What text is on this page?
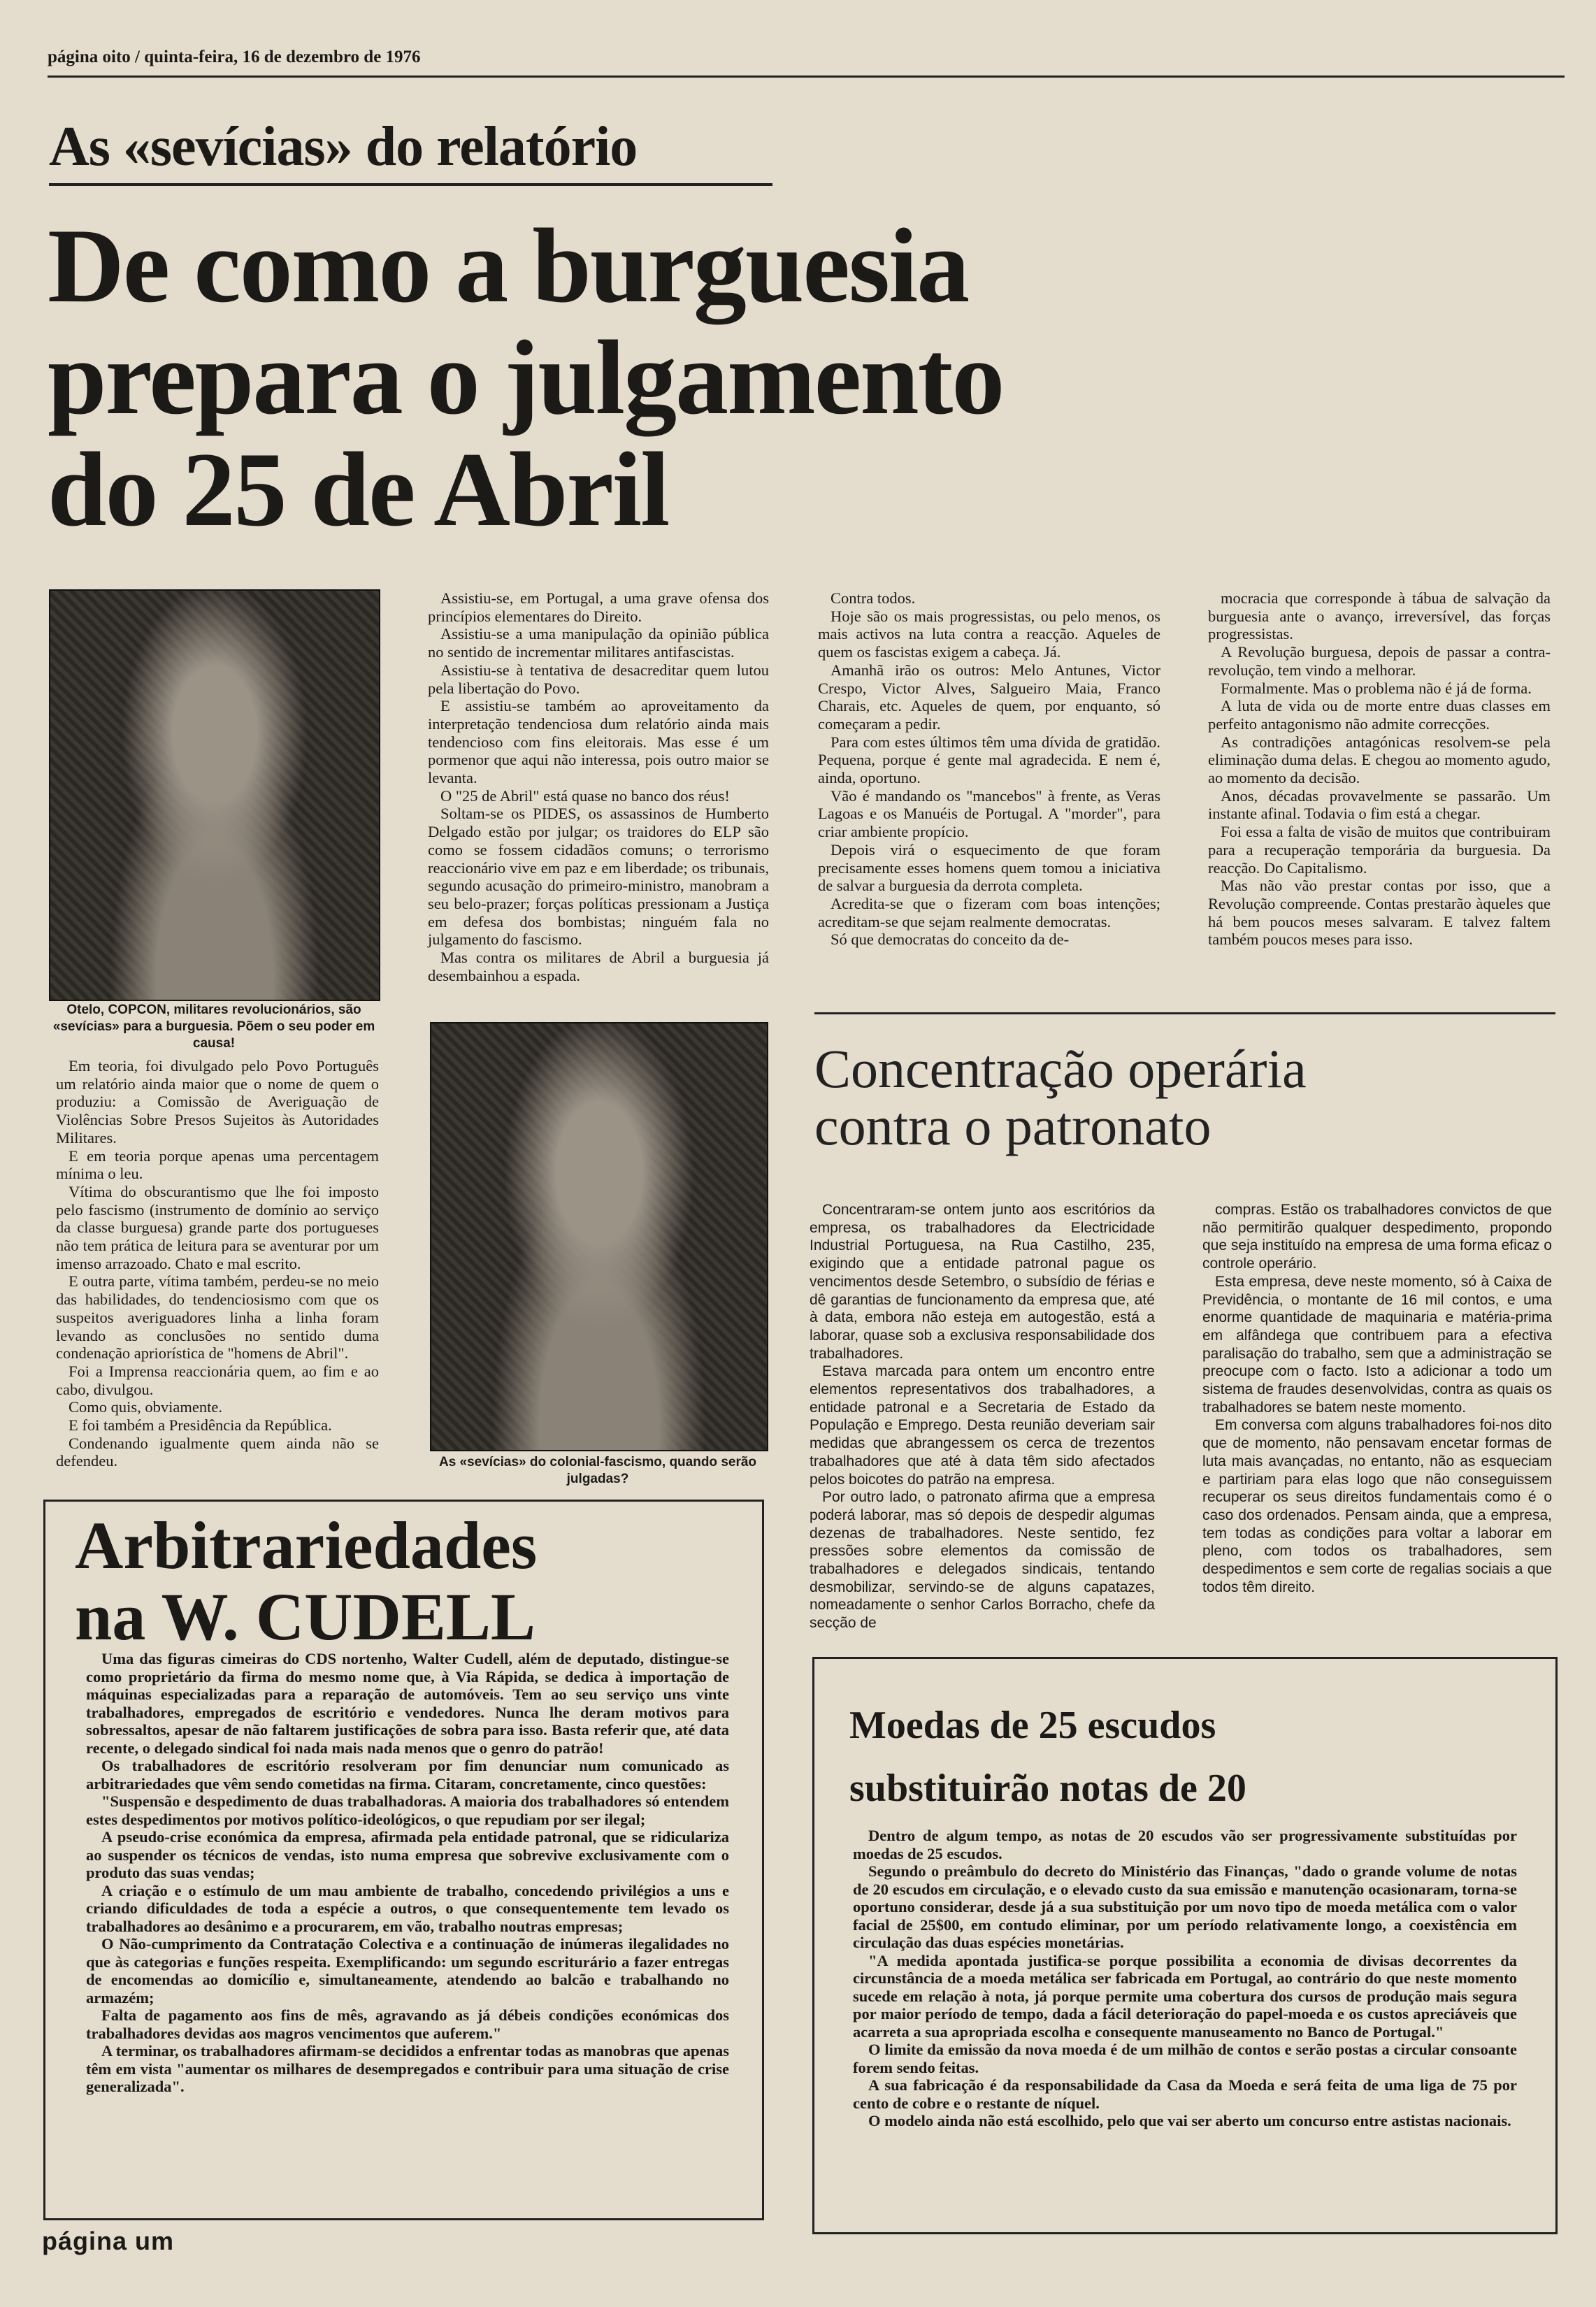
página oito / quinta-feira, 16 de dezembro de 1976
As «sevícias» do relatório
De como a burguesia
prepara o julgamento
do 25 de Abril
Otelo, COPCON, militares revolucionários, são «sevícias» para a burguesia. Põem o seu poder em causa!

Em teoria, foi divulgado pelo Povo Português um relatório ainda maior que o nome de quem o produziu: a Comissão de Averiguação de Violências Sobre Presos Sujeitos às Autoridades Militares.

E em teoria porque apenas uma percentagem mínima o leu.

Vítima do obscurantismo que lhe foi imposto pelo fascismo (instrumento de domínio ao serviço da classe burguesa) grande parte dos portugueses não tem prática de leitura para se aventurar por um imenso arrazoado. Chato e mal escrito.

E outra parte, vítima também, perdeu-se no meio das habilidades, do tendenciosismo com que os suspeitos averiguadores linha a linha foram levando as conclusões no sentido duma condenação apriorística de "homens de Abril".

Foi a Imprensa reaccionária quem, ao fim e ao cabo, divulgou.

Como quis, obviamente.

E foi também a Presidência da República.

Condenando igualmente quem ainda não se defendeu.

Assistiu-se, em Portugal, a uma grave ofensa dos princípios elementares do Direito.

Assistiu-se a uma manipulação da opinião pública no sentido de incrementar militares antifascistas.

Assistiu-se à tentativa de desacreditar quem lutou pela libertação do Povo.

E assistiu-se também ao aproveitamento da interpretação tendenciosa dum relatório ainda mais tendencioso com fins eleitorais. Mas esse é um pormenor que aqui não interessa, pois outro maior se levanta.

O "25 de Abril" está quase no banco dos réus!

Soltam-se os PIDES, os assassinos de Humberto Delgado estão por julgar; os traidores do ELP são como se fossem cidadãos comuns; o terrorismo reaccionário vive em paz e em liberdade; os tribunais, segundo acusação do primeiro-ministro, manobram a seu belo-prazer; forças políticas pressionam a Justiça em defesa dos bombistas; ninguém fala no julgamento do fascismo.

Mas contra os militares de Abril a burguesia já desembainhou a espada.

As «sevícias» do colonial-fascismo, quando serão julgadas?

Contra todos.

Hoje são os mais progressistas, ou pelo menos, os mais activos na luta contra a reacção. Aqueles de quem os fascistas exigem a cabeça. Já.

Amanhã irão os outros: Melo Antunes, Victor Crespo, Victor Alves, Salgueiro Maia, Franco Charais, etc. Aqueles de quem, por enquanto, só começaram a pedir.

Para com estes últimos têm uma dívida de gratidão. Pequena, porque é gente mal agradecida. E nem é, ainda, oportuno.

Vão é mandando os "mancebos" à frente, as Veras Lagoas e os Manuéis de Portugal. A "morder", para criar ambiente propício.

Depois virá o esquecimento de que foram precisamente esses homens quem tomou a iniciativa de salvar a burguesia da derrota completa.

Acredita-se que o fizeram com boas intenções; acreditam-se que sejam realmente democratas.

Só que democratas do conceito da de-

mocracia que corresponde à tábua de salvação da burguesia ante o avanço, irreversível, das forças progressistas.

A Revolução burguesa, depois de passar a contra-revolução, tem vindo a melhorar.

Formalmente. Mas o problema não é já de forma.

A luta de vida ou de morte entre duas classes em perfeito antagonismo não admite correcções.

As contradições antagónicas resolvem-se pela eliminação duma delas. E chegou ao momento agudo, ao momento da decisão.

Anos, décadas provavelmente se passarão. Um instante afinal. Todavia o fim está a chegar.

Foi essa a falta de visão de muitos que contribuiram para a recuperação temporária da burguesia. Da reacção. Do Capitalismo.

Mas não vão prestar contas por isso, que a Revolução compreende. Contas prestarão àqueles que há bem poucos meses salvaram. E talvez faltem também poucos meses para isso.

Concentração operária
contra o patronato

Concentraram-se ontem junto aos escritórios da empresa, os trabalhadores da Electricidade Industrial Portuguesa, na Rua Castilho, 235, exigindo que a entidade patronal pague os vencimentos desde Setembro, o subsídio de férias e dê garantias de funcionamento da empresa que, até à data, embora não esteja em autogestão, está a laborar, quase sob a exclusiva responsabilidade dos trabalhadores.

Estava marcada para ontem um encontro entre elementos representativos dos trabalhadores, a entidade patronal e a Secretaria de Estado da População e Emprego. Desta reunião deveriam sair medidas que abrangessem os cerca de trezentos trabalhadores que até à data têm sido afectados pelos boicotes do patrão na empresa.

Por outro lado, o patronato afirma que a empresa poderá laborar, mas só depois de despedir algumas dezenas de trabalhadores. Neste sentido, fez pressões sobre elementos da comissão de trabalhadores e delegados sindicais, tentando desmobilizar, servindo-se de alguns capatazes, nomeadamente o senhor Carlos Borracho, chefe da secção de

compras. Estão os trabalhadores convictos de que não permitirão qualquer despedimento, propondo que seja instituído na empresa de uma forma eficaz o controle operário.

Esta empresa, deve neste momento, só à Caixa de Previdência, o montante de 16 mil contos, e uma enorme quantidade de maquinaria e matéria-prima em alfândega que contribuem para a efectiva paralisação do trabalho, sem que a administração se preocupe com o facto. Isto a adicionar a todo um sistema de fraudes desenvolvidas, contra as quais os trabalhadores se batem neste momento.

Em conversa com alguns trabalhadores foi-nos dito que de momento, não pensavam encetar formas de luta mais avançadas, no entanto, não as esqueciam e partiriam para elas logo que não conseguissem recuperar os seus direitos fundamentais como é o caso dos ordenados. Pensam ainda, que a empresa, tem todas as condições para voltar a laborar em pleno, com todos os trabalhadores, sem despedimentos e sem corte de regalias sociais a que todos têm direito.

Arbitrariedades
na W. CUDELL

Uma das figuras cimeiras do CDS nortenho, Walter Cudell, além de deputado, distingue-se como proprietário da firma do mesmo nome que, à Via Rápida, se dedica à importação de máquinas especializadas para a reparação de automóveis. Tem ao seu serviço uns vinte trabalhadores, empregados de escritório e vendedores. Nunca lhe deram motivos para sobressaltos, apesar de não faltarem justificações de sobra para isso. Basta referir que, até data recente, o delegado sindical foi nada mais nada menos que o genro do patrão!

Os trabalhadores de escritório resolveram por fim denunciar num comunicado as arbitrariedades que vêm sendo cometidas na firma. Citaram, concretamente, cinco questões:

"Suspensão e despedimento de duas trabalhadoras. A maioria dos trabalhadores só entendem estes despedimentos por motivos político-ideológicos, o que repudiam por ser ilegal;

A pseudo-crise económica da empresa, afirmada pela entidade patronal, que se ridiculariza ao suspender os técnicos de vendas, isto numa empresa que sobrevive exclusivamente com o produto das suas vendas;

A criação e o estímulo de um mau ambiente de trabalho, concedendo privilégios a uns e criando dificuldades de toda a espécie a outros, o que consequentemente tem levado os trabalhadores ao desânimo e a procurarem, em vão, trabalho noutras empresas;

O Não-cumprimento da Contratação Colectiva e a continuação de inúmeras ilegalidades no que às categorias e funções respeita. Exemplificando: um segundo escriturário a fazer entregas de encomendas ao domicílio e, simultaneamente, atendendo ao balcão e trabalhando no armazém;

Falta de pagamento aos fins de mês, agravando as já débeis condições económicas dos trabalhadores devidas aos magros vencimentos que auferem."

A terminar, os trabalhadores afirmam-se decididos a enfrentar todas as manobras que apenas têm em vista "aumentar os milhares de desempregados e contribuir para uma situação de crise generalizada".

Moedas de 25 escudos
substituirão notas de 20

Dentro de algum tempo, as notas de 20 escudos vão ser progressivamente substituídas por moedas de 25 escudos.

Segundo o preâmbulo do decreto do Ministério das Finanças, "dado o grande volume de notas de 20 escudos em circulação, e o elevado custo da sua emissão e manutenção ocasionaram, torna-se oportuno considerar, desde já a sua substituição por um novo tipo de moeda metálica com o valor facial de 25$00, em contudo eliminar, por um período relativamente longo, a coexistência em circulação das duas espécies monetárias.

"A medida apontada justifica-se porque possibilita a economia de divisas decorrentes da circunstância de a moeda metálica ser fabricada em Portugal, ao contrário do que neste momento sucede em relação à nota, já porque permite uma cobertura dos cursos de produção mais segura por maior período de tempo, dada a fácil deterioração do papel-moeda e os custos apreciáveis que acarreta a sua apropriada escolha e consequente manuseamento no Banco de Portugal."

O limite da emissão da nova moeda é de um milhão de contos e serão postas a circular consoante forem sendo feitas.

A sua fabricação é da responsabilidade da Casa da Moeda e será feita de uma liga de 75 por cento de cobre e o restante de níquel.

O modelo ainda não está escolhido, pelo que vai ser aberto um concurso entre astistas nacionais.

página um
